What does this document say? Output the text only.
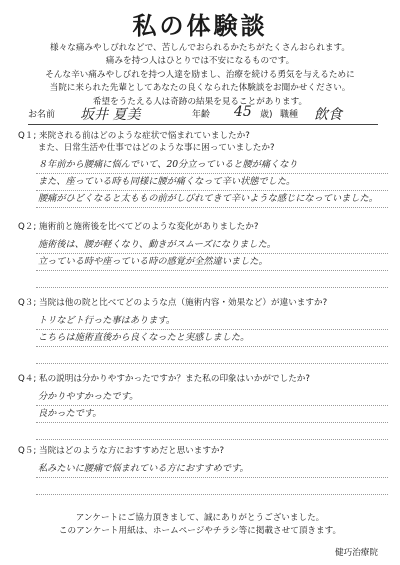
私の体験談
様々な痛みやしびれなどで、苦しんでおられるかたちがたくさんおられます。
痛みを持つ人はひとりでは不安になるものです。
そんな辛い痛みやしびれを持つ人達を励まし、治療を続ける勇気を与えるために
当院に来られた先輩としてあなたの良くなられた体験談をお聞かせください。
希望をうたえる人は奇跡の結果を見ることがあります。
お名前 坂井 夏美	年齢 45 歳) 職種 飲食
Q１; 来院される前はどのような症状で悩まれていましたか?
　　 また、日常生活や仕事ではどのような事に困っていましたか?
８年前から腰痛に悩んでいて、20分立っていると腰が痛くなり
また、座っている時も同様に腰が痛くなって辛い状態でした。
腰痛がひどくなると太ももの前がしびれてきて辛いような感じになっていました。
Q２; 施術前と施術後を比べてどのような変化がありましたか?
施術後は、腰が軽くなり、動きがスムーズになりました。
立っている時や座っている時の感覚が全然違いました。
Q３; 当院は他の院と比べてどのような点（施術内容・効果など）が違いますか?
トリなどト行った事はあります。
こちらは施術直後から良くなったと実感しました。
Q４; 私の説明は分かりやすかったですか？また私の印象はいかがでしたか?
分かりやすかったです。
良かったです。
Q５; 当院はどのような方におすすめだと思いますか?
私みたいに腰痛で悩まれている方におすすめです。
アンケートにご協力頂きまして、誠にありがとうございました。
このアンケート用紙は、ホームページやチラシ等に掲載させて頂きます。
健巧治療院
